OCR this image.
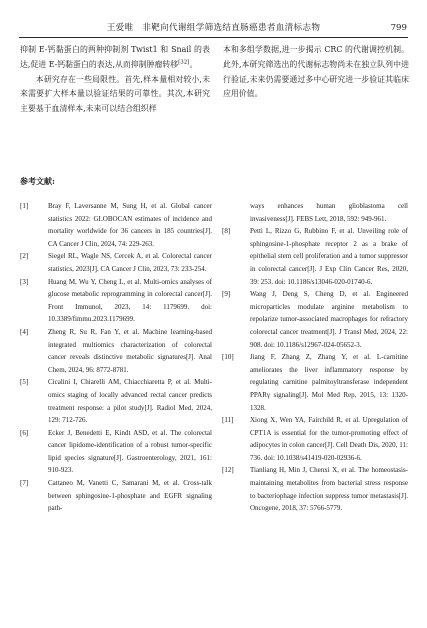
王爱唯　非靶向代谢组学筛选结直肠癌患者血清标志物	799

抑制 E-钙黏蛋白的两种抑制剂 Twist1 和 Snail 的表达,促进 E-钙黏蛋白的表达,从而抑制肿瘤转移[32]。

本研究存在一些局限性。首先,样本量相对较小,未来需要扩大样本量以验证结果的可靠性。其次,本研究主要基于血清样本,未来可以结合组织样

本和多组学数据,进一步揭示 CRC 的代谢调控机制。此外,本研究筛选出的代谢标志物尚未在独立队列中进行验证,未来仍需要通过多中心研究进一步验证其临床应用价值。

参考文献:
[1]	Bray F, Laversanne M, Sung H, et al. Global cancer statistics 2022: GLOBOCAN estimates of incidence and mortality worldwide for 36 cancers in 185 countries[J]. CA Cancer J Clin, 2024, 74: 229-263.
[2]	Siegel RL, Wagle NS, Cercek A, et al. Colorectal cancer statistics, 2023[J]. CA Cancer J Clin, 2023, 73: 233-254.
[3]	Huang M, Wu Y, Cheng L, et al. Multi-omics analyses of glucose metabolic reprogramming in colorectal cancer[J]. Front Immunol, 2023, 14: 1179699. doi: 10.3389/fimmu.2023.1179699.
[4]	Zheng R, Su R, Fan Y, et al. Machine learning-based integrated multiomics characterization of colorectal cancer reveals distinctive metabolic signatures[J]. Anal Chem, 2024, 96: 8772-8781.
[5]	Cicalini I, Chiarelli AM, Chiacchiaretta P, et al. Multi-omics staging of locally advanced rectal cancer predicts treatment response: a pilot study[J]. Radiol Med, 2024, 129: 712-726.
[6]	Ecker J, Benedetti E, Kindt ASD, et al. The colorectal cancer lipidome-identification of a robust tumor-specific lipid species signature[J]. Gastroenterology, 2021, 161: 910-923.
[7]	Cattaneo M, Vanetti C, Samarani M, et al. Cross-talk between sphingosine-1-phosphate and EGFR signaling path-
ways enhances human glioblastoma cell invasiveness[J]. FEBS Lett, 2018, 592: 949-961.
[8]	Petti L, Rizzo G, Rubbino F, et al. Unveiling role of sphingosine-1-phosphate receptor 2 as a brake of epithelial stem cell proliferation and a tumor suppressor in colorectal cancer[J]. J Exp Clin Cancer Res, 2020, 39: 253. doi: 10.1186/s13046-020-01740-6.
[9]	Wang J, Deng S, Cheng D, et al. Engineered microparticles modulate arginine metabolism to repolarize tumor-associated macrophages for refractory colorectal cancer treatment[J]. J Transl Med, 2024, 22: 908. doi: 10.1186/s12967-024-05652-3.
[10]	Jiang F, Zhang Z, Zhang Y, et al. L-carnitine ameliorates the liver inflammatory response by regulating carnitine palmitoyltransferase independent PPARγ signaling[J]. Mol Med Rep, 2015, 13: 1320-1328.
[11]	Xiong X, Wen YA, Fairchild R, et al. Upregulation of CPT1A is essential for the tumor-promoting effect of adipocytes in colon cancer[J]. Cell Death Dis, 2020, 11: 736. doi: 10.1038/s41419-020-02936-6.
[12]	Tianliang H, Min J, Chenxi X, et al. The homeostasis-maintaining metabolites from bacterial stress response to bacteriophage infection suppress tumor metastasis[J]. Oncogene, 2018, 37: 5766-5779.
